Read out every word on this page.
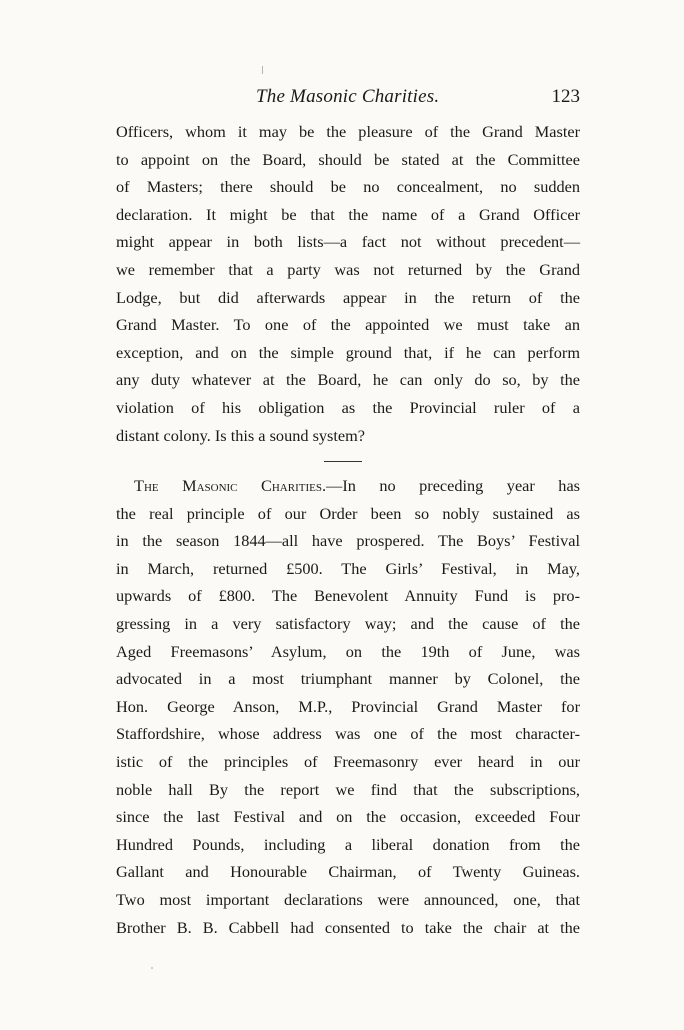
The Masonic Charities.	123
Officers, whom it may be the pleasure of the Grand Master
to appoint on the Board, should be stated at the Committee
of Masters; there should be no concealment, no sudden
declaration. It might be that the name of a Grand Officer
might appear in both lists—a fact not without precedent—
we remember that a party was not returned by the Grand
Lodge, but did afterwards appear in the return of the
Grand Master. To one of the appointed we must take an
exception, and on the simple ground that, if he can perform
any duty whatever at the Board, he can only do so, by the
violation of his obligation as the Provincial ruler of a
distant colony. Is this a sound system?
The Masonic Charities.—In no preceding year has
the real principle of our Order been so nobly sustained as
in the season 1844—all have prospered. The Boys’ Festival
in March, returned £500. The Girls’ Festival, in May,
upwards of £800. The Benevolent Annuity Fund is pro-
gressing in a very satisfactory way; and the cause of the
Aged Freemasons’ Asylum, on the 19th of June, was
advocated in a most triumphant manner by Colonel, the
Hon. George Anson, M.P., Provincial Grand Master for
Staffordshire, whose address was one of the most character-
istic of the principles of Freemasonry ever heard in our
noble hall By the report we find that the subscriptions,
since the last Festival and on the occasion, exceeded Four
Hundred Pounds, including a liberal donation from the
Gallant and Honourable Chairman, of Twenty Guineas.
Two most important declarations were announced, one, that
Brother B. B. Cabbell had consented to take the chair at the
